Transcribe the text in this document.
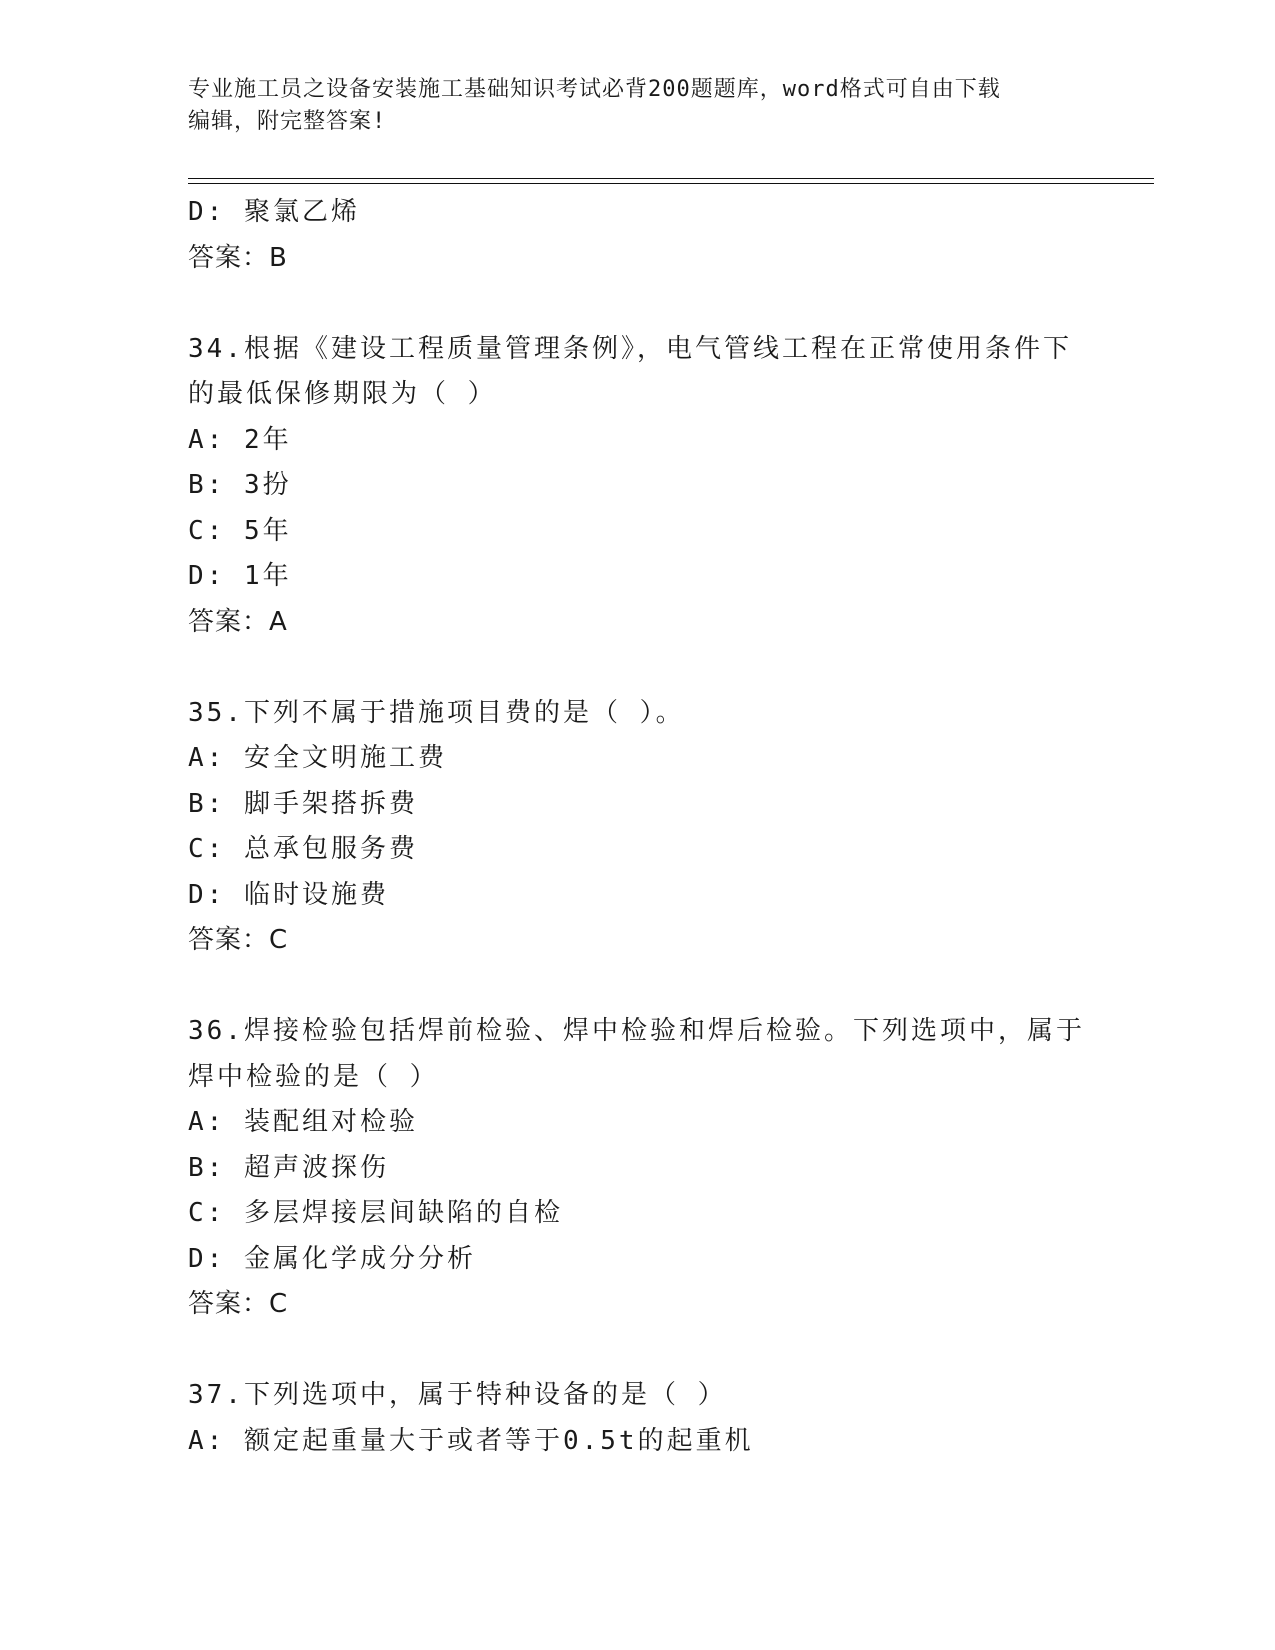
专业施工员之设备安装施工基础知识考试必背200题题库，word格式可自由下载
编辑，附完整答案!
D: 聚氯乙烯
答案：B
34.根据《建设工程质量管理条例》，电气管线工程在正常使用条件下
的最低保修期限为（ ）
A: 2年
B: 3扮
C: 5年
D: 1年
答案：A
35.下列不属于措施项目费的是（ ）。
A: 安全文明施工费
B: 脚手架搭拆费
C: 总承包服务费
D: 临时设施费
答案：C
36.焊接检验包括焊前检验、焊中检验和焊后检验。下列选项中，属于
焊中检验的是（ ）
A: 装配组对检验
B: 超声波探伤
C: 多层焊接层间缺陷的自检
D: 金属化学成分分析
答案：C
37.下列选项中，属于特种设备的是（ ）
A: 额定起重量大于或者等于0.5t的起重机
